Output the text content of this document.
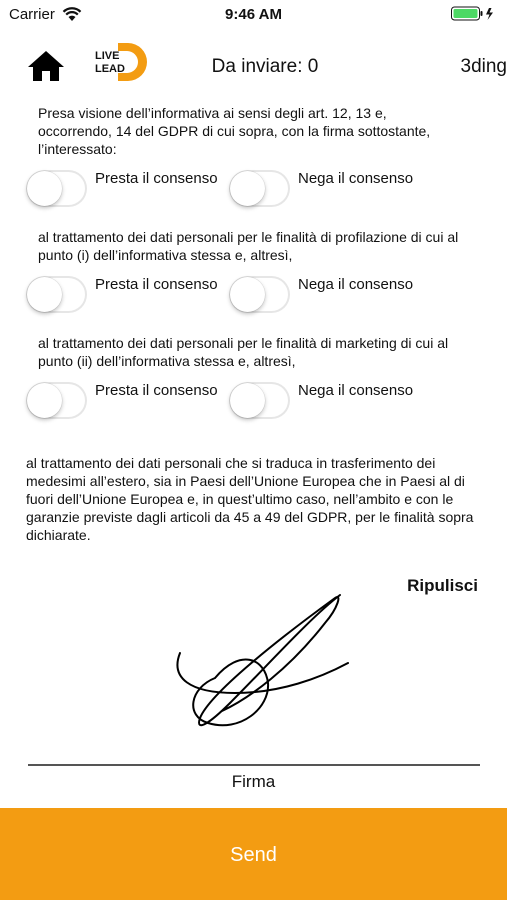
Carrier	9:46 AM
LIVE
LEAD	Da inviare: 0	3ding
Presa visione dell’informativa ai sensi degli art. 12, 13 e, occorrendo, 14 del GDPR di cui sopra, con la firma sottostante, l’interessato:
Presta il consenso	Nega il consenso
al trattamento dei dati personali per le finalità di profilazione di cui al punto (i) dell’informativa stessa e, altresì,
Presta il consenso	Nega il consenso
al trattamento dei dati personali per le finalità di marketing di cui al punto (ii) dell’informativa stessa e, altresì,
Presta il consenso	Nega il consenso
al trattamento dei dati personali che si traduca in trasferimento dei medesimi all’estero, sia in Paesi dell’Unione Europea che in Paesi al di fuori dell’Unione Europea e, in quest’ultimo caso, nell’ambito e con le garanzie previste dagli articoli da 45 a 49 del GDPR, per le finalità sopra dichiarate.
Ripulisci
Firma
Send
